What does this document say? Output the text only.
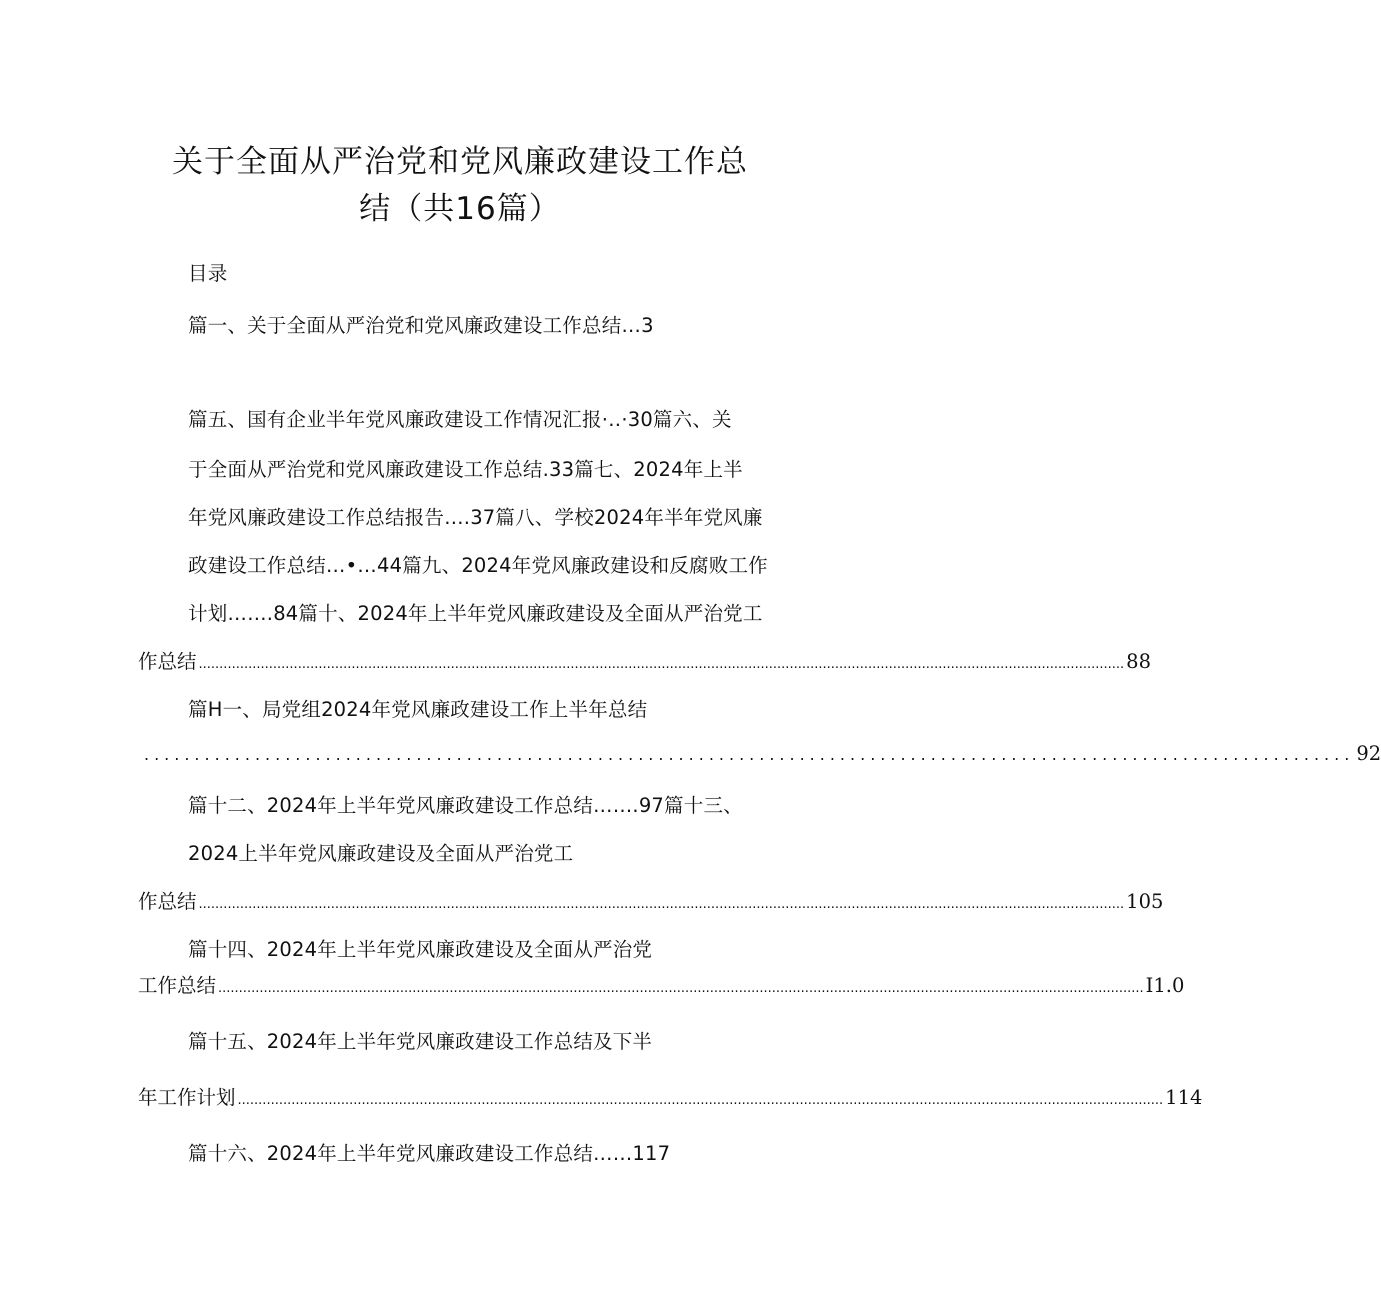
关于全面从严治党和党风廉政建设工作总
结（共16篇）
目录
篇一、关于全面从严治党和党风廉政建设工作总结…3
篇五、国有企业半年党风廉政建设工作情况汇报·‥·30篇六、关
于全面从严治党和党风廉政建设工作总结.33篇七、2024年上半
年党风廉政建设工作总结报告….37篇八、学校2024年半年党风廉
政建设工作总结…•…44篇九、2024年党风廉政建设和反腐败工作
计划…….84篇十、2024年上半年党风廉政建设及全面从严治党工
作总结 ................................................................................................................................................................................................................................ 88
篇H一、局党组2024年党风廉政建设工作上半年总结
........................................................................................................................ 92
篇十二、2024年上半年党风廉政建设工作总结…….97篇十三、
2024上半年党风廉政建设及全面从严治党工
作总结 ................................................................................................................................................................................................................................ 105
篇十四、2024年上半年党风廉政建设及全面从严治党
工作总结 ................................................................................................................................................................................................................................ I1.0
篇十五、2024年上半年党风廉政建设工作总结及下半
年工作计划 ................................................................................................................................................................................................................................ 114
篇十六、2024年上半年党风廉政建设工作总结……117
